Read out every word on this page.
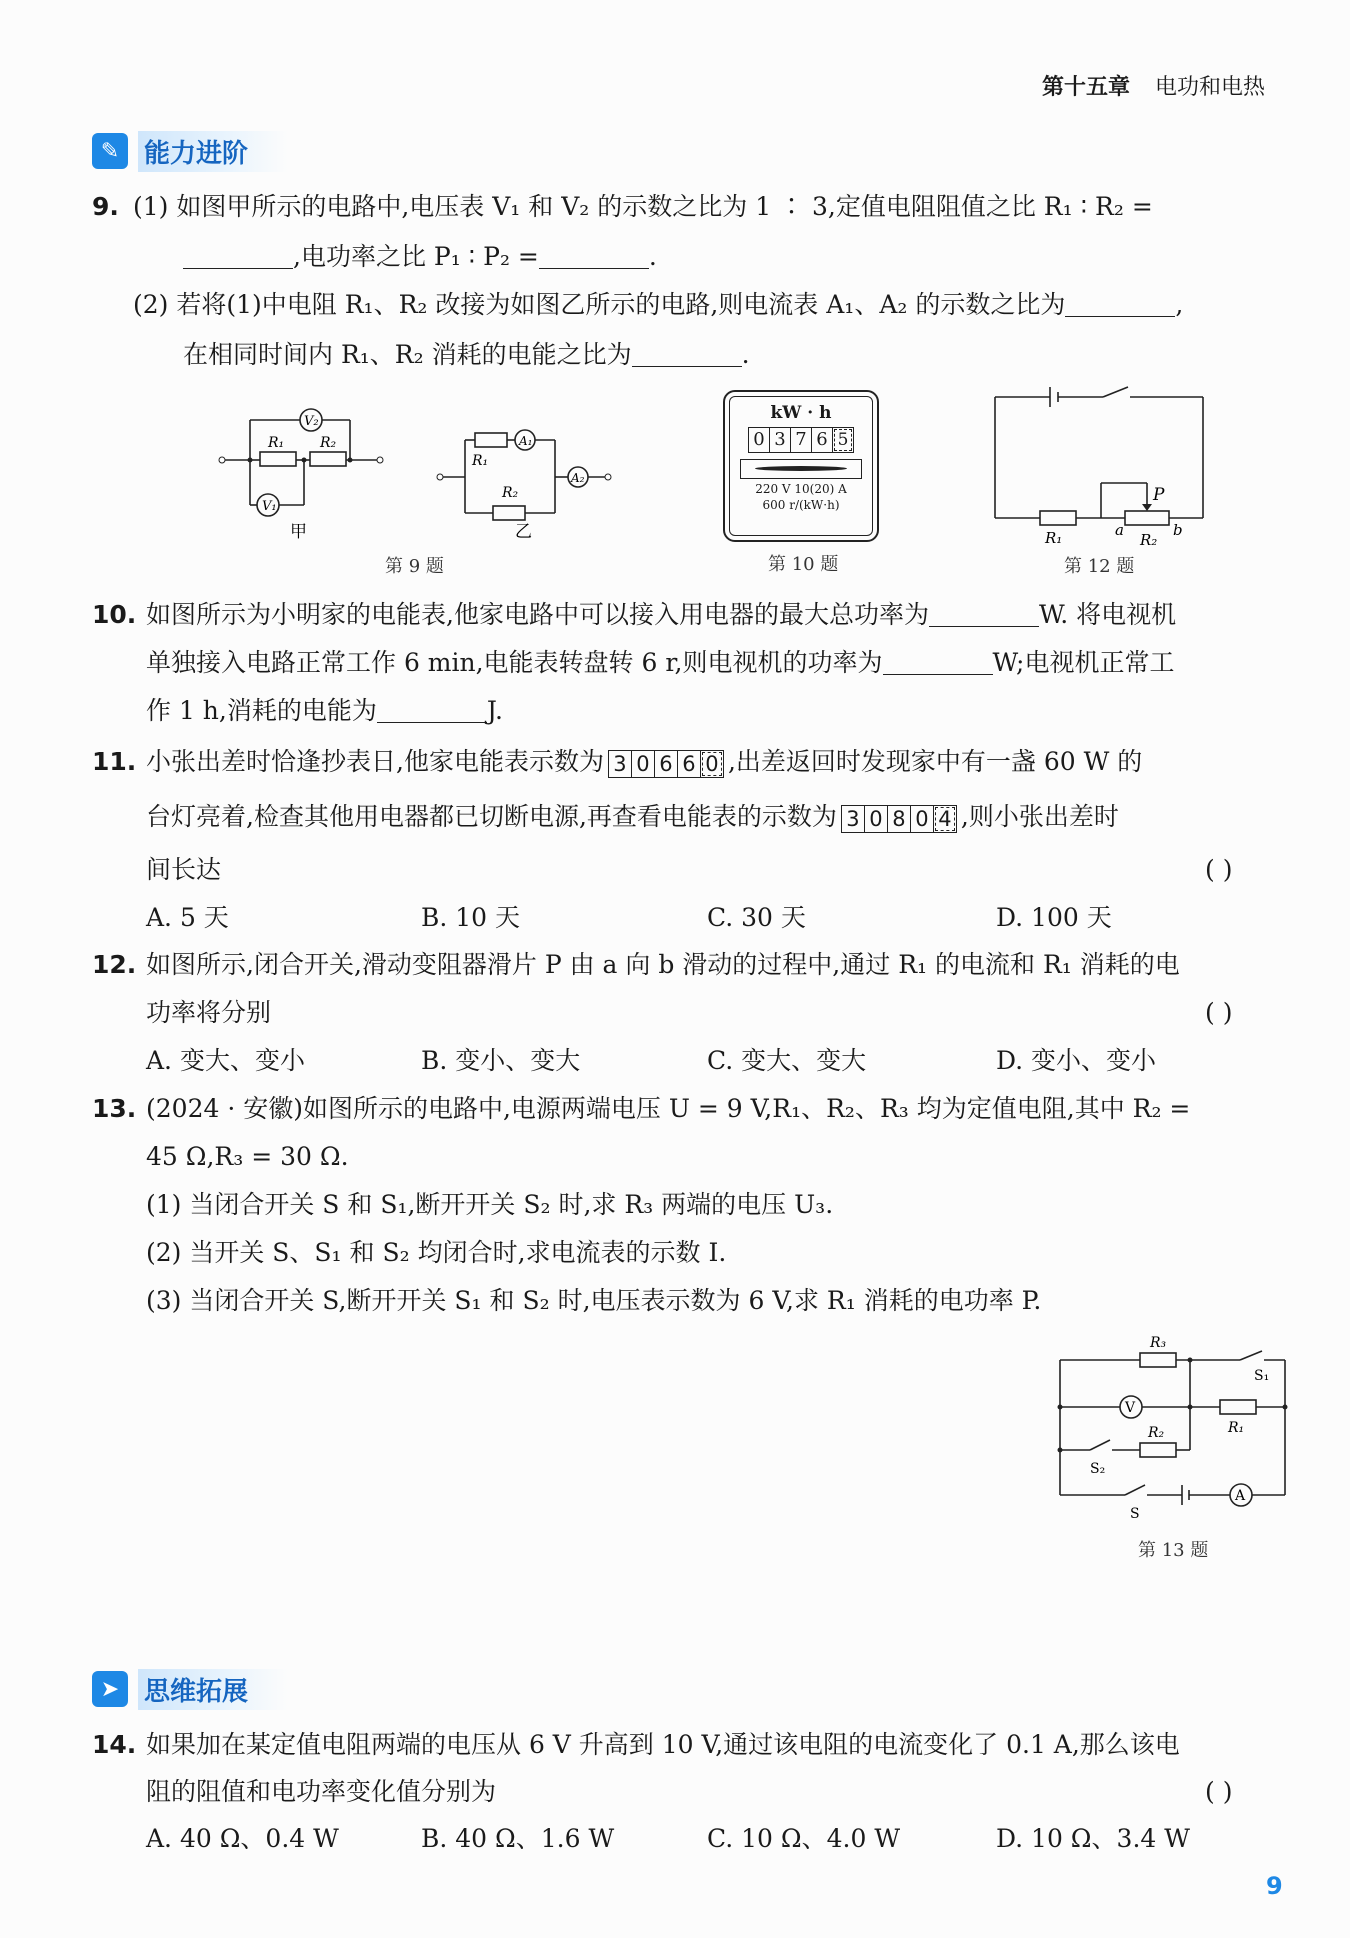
第十五章 电功和电热
✎ 能力进阶
9. (1) 如图甲所示的电路中,电压表 V₁ 和 V₂ 的示数之比为 1 ∶ 3,定值电阻阻值之比 R₁ ∶ R₂ =
,电功率之比 P₁ ∶ P₂ =	.
(2) 若将(1)中电阻 R₁、R₂ 改接为如图乙所示的电路,则电流表 A₁、A₂ 的示数之比为	,
在相同时间内 R₁、R₂ 消耗的电能之比为	.
V₂
V₁
R₁	R₂
甲
A₁
A₂
R₁
R₂
乙
第 9 题
kW · h
0 3 7 6 5
220 V 10(20) A
600 r/(kW·h)
第 10 题
P
R₁	a
R₂
b
第 12 题
10. 如图所示为小明家的电能表,他家电路中可以接入用电器的最大总功率为	W. 将电视机
单独接入电路正常工作 6 min,电能表转盘转 6 r,则电视机的功率为	W;电视机正常工
作 1 h,消耗的电能为	J.
11. 小张出差时恰逢抄表日,他家电能表示数为 3 0 6 6 0 ,出差返回时发现家中有一盏 60 W 的
台灯亮着,检查其他用电器都已切断电源,再查看电能表的示数为 3 0 8 0 4 ,则小张出差时
间长达	( )
A. 5 天	B. 10 天	C. 30 天	D. 100 天
12. 如图所示,闭合开关,滑动变阻器滑片 P 由 a 向 b 滑动的过程中,通过 R₁ 的电流和 R₁ 消耗的电
功率将分别	( )
A. 变大、变小	B. 变小、变大	C. 变大、变大	D. 变小、变小
13. (2024 · 安徽)如图所示的电路中,电源两端电压 U = 9 V,R₁、R₂、R₃ 均为定值电阻,其中 R₂ =
45 Ω,R₃ = 30 Ω.
(1) 当闭合开关 S 和 S₁,断开开关 S₂ 时,求 R₃ 两端的电压 U₃.
(2) 当开关 S、S₁ 和 S₂ 均闭合时,求电流表的示数 I.
(3) 当闭合开关 S,断开开关 S₁ 和 S₂ 时,电压表示数为 6 V,求 R₁ 消耗的电功率 P.
R₃
S₁
V
R₁
R₂
S₂
S
A
第 13 题
➤ 思维拓展
14. 如果加在某定值电阻两端的电压从 6 V 升高到 10 V,通过该电阻的电流变化了 0.1 A,那么该电
阻的阻值和电功率变化值分别为	( )
A. 40 Ω、0.4 W	B. 40 Ω、1.6 W	C. 10 Ω、4.0 W	D. 10 Ω、3.4 W
9
